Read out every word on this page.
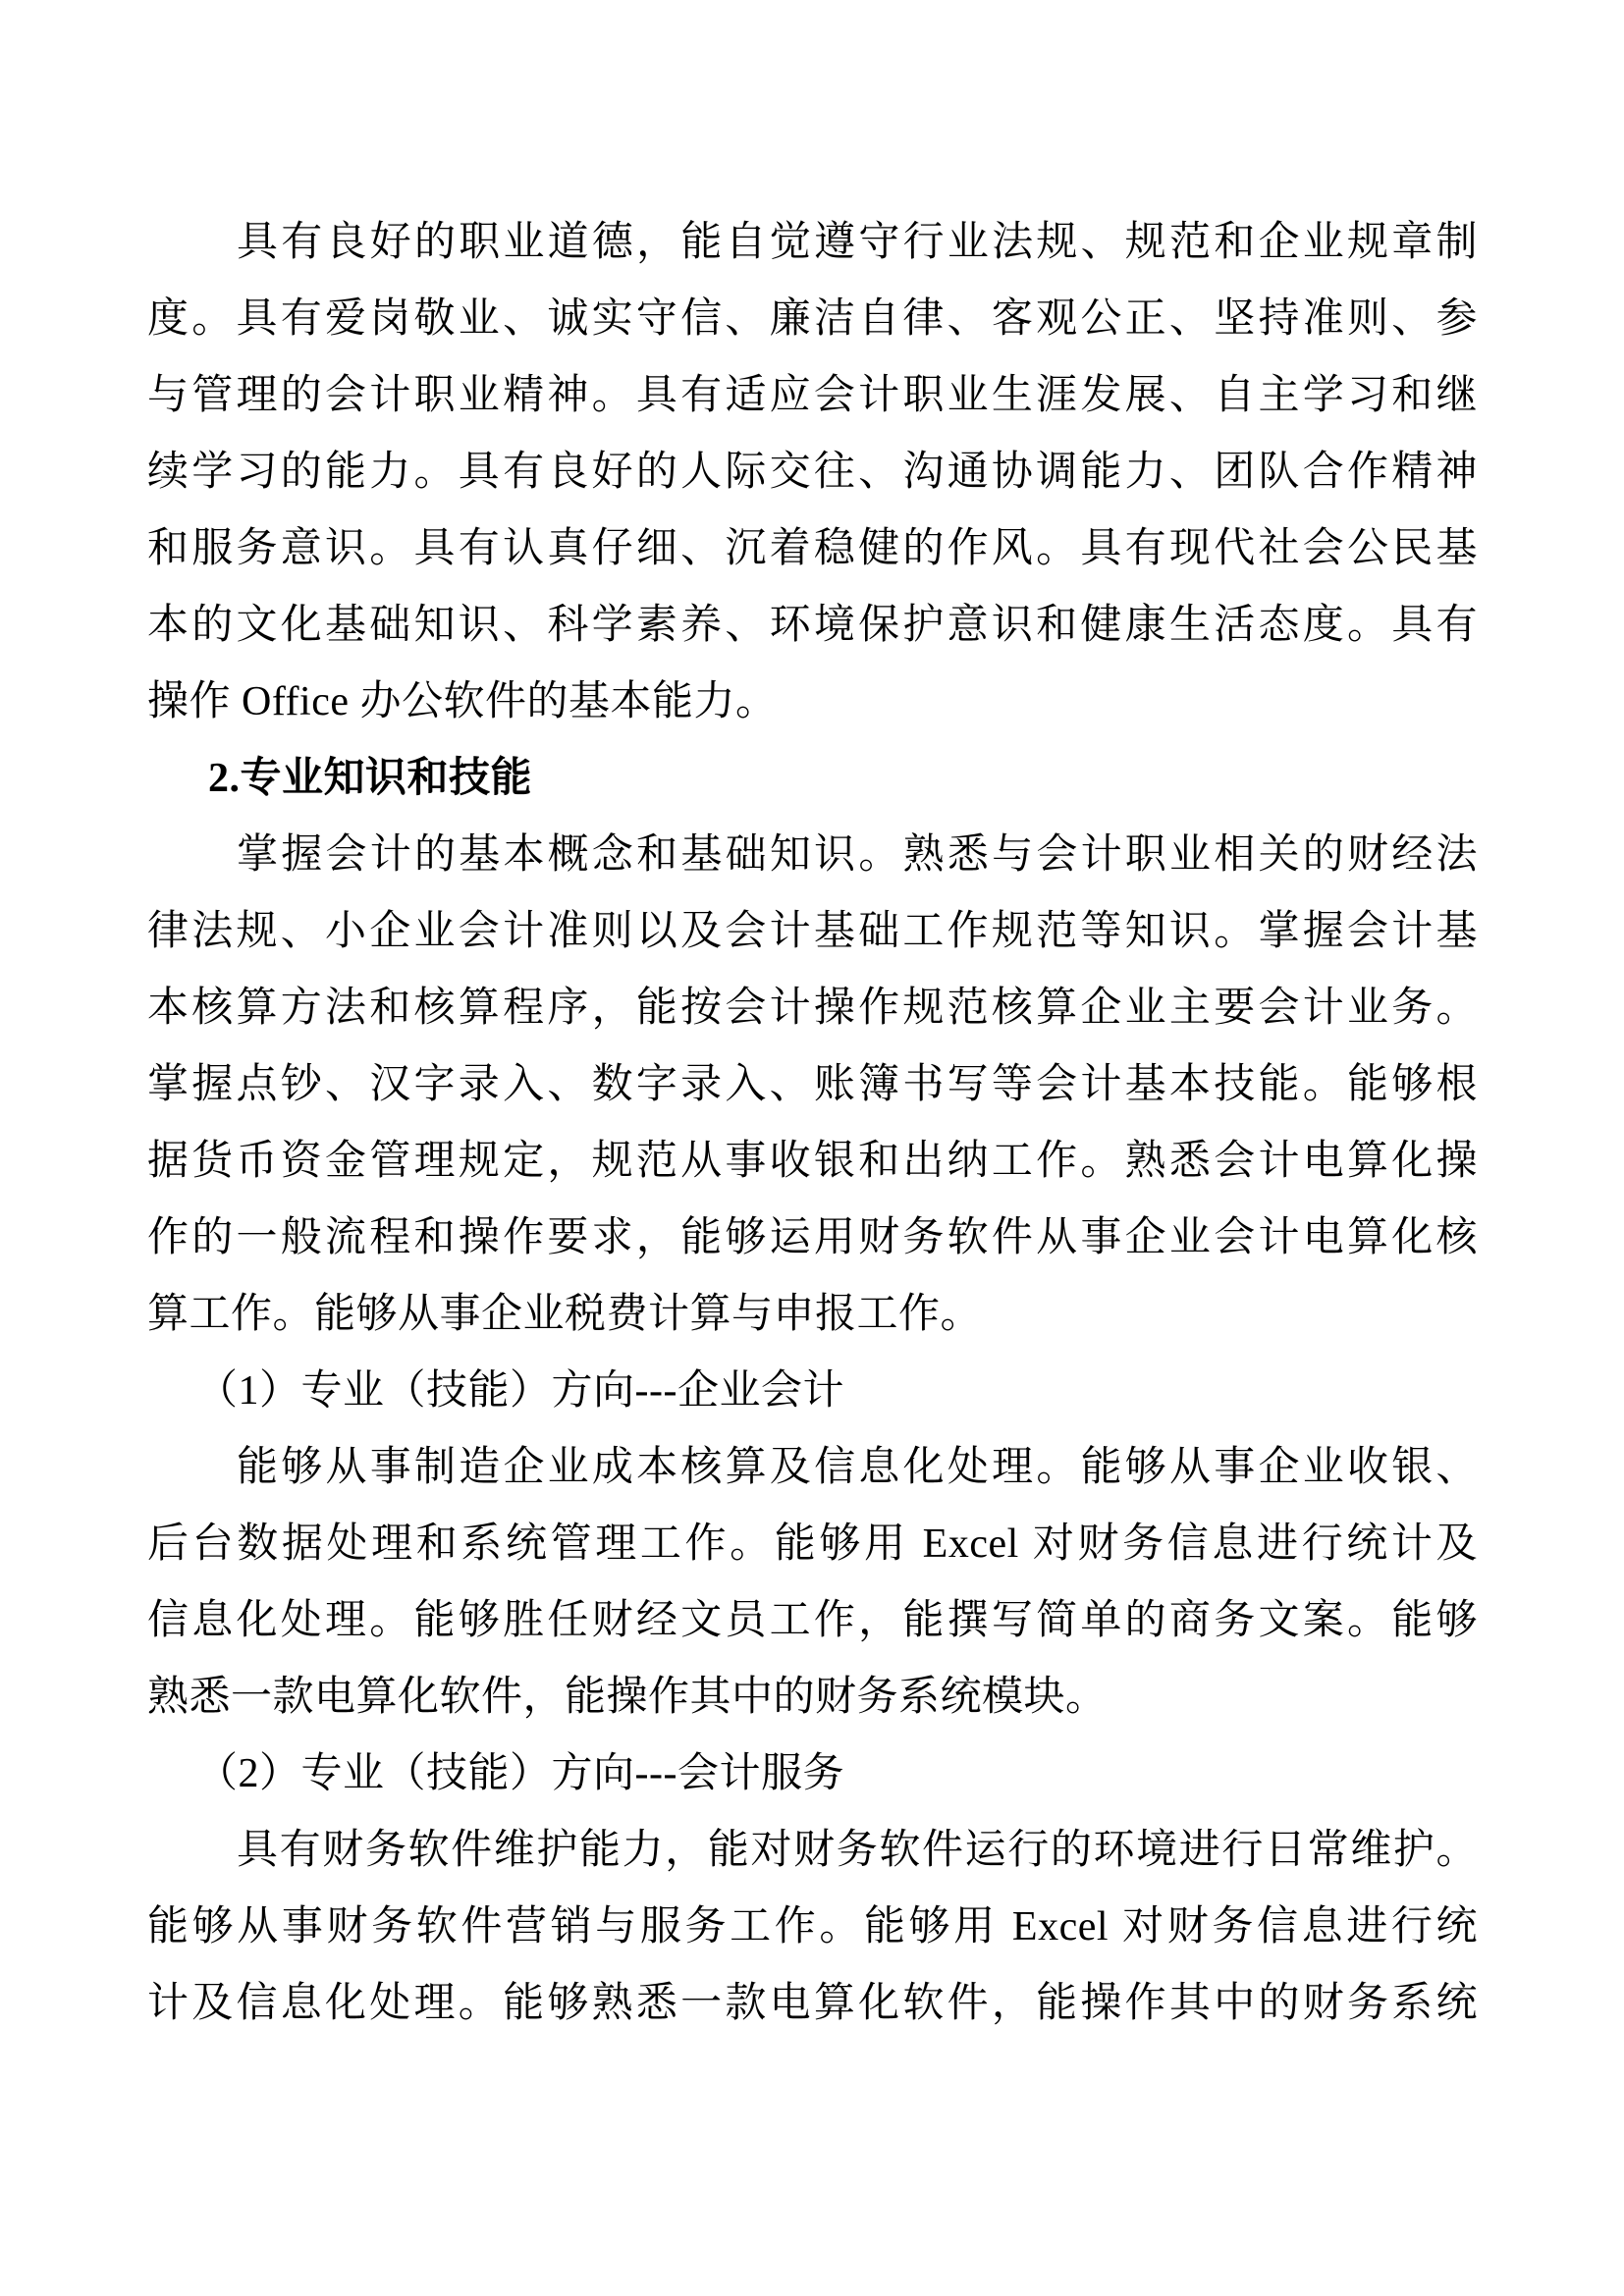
具有良好的职业道德，能自觉遵守行业法规、规范和企业规章制
度。具有爱岗敬业、诚实守信、廉洁自律、客观公正、坚持准则、参
与管理的会计职业精神。具有适应会计职业生涯发展、自主学习和继
续学习的能力。具有良好的人际交往、沟通协调能力、团队合作精神
和服务意识。具有认真仔细、沉着稳健的作风。具有现代社会公民基
本的文化基础知识、科学素养、环境保护意识和健康生活态度。具有
操作 Office 办公软件的基本能力。
2.专业知识和技能
掌握会计的基本概念和基础知识。熟悉与会计职业相关的财经法
律法规、小企业会计准则以及会计基础工作规范等知识。掌握会计基
本核算方法和核算程序，能按会计操作规范核算企业主要会计业务。
掌握点钞、汉字录入、数字录入、账簿书写等会计基本技能。能够根
据货币资金管理规定，规范从事收银和出纳工作。熟悉会计电算化操
作的一般流程和操作要求，能够运用财务软件从事企业会计电算化核
算工作。能够从事企业税费计算与申报工作。
（1）专业（技能）方向---企业会计
能够从事制造企业成本核算及信息化处理。能够从事企业收银、
后台数据处理和系统管理工作。能够用 Excel 对财务信息进行统计及
信息化处理。能够胜任财经文员工作，能撰写简单的商务文案。能够
熟悉一款电算化软件，能操作其中的财务系统模块。
（2）专业（技能）方向---会计服务
具有财务软件维护能力，能对财务软件运行的环境进行日常维护。
能够从事财务软件营销与服务工作。能够用 Excel 对财务信息进行统
计及信息化处理。能够熟悉一款电算化软件，能操作其中的财务系统
